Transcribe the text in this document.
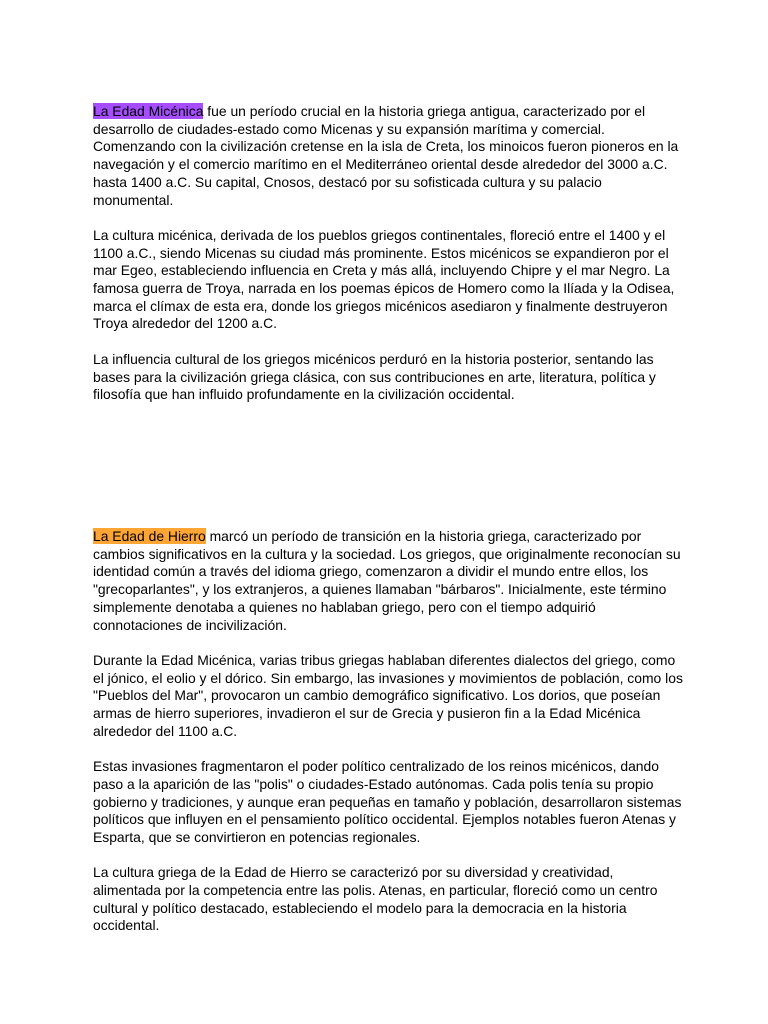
La Edad Micénica fue un período crucial en la historia griega antigua, caracterizado por el desarrollo de ciudades-estado como Micenas y su expansión marítima y comercial. Comenzando con la civilización cretense en la isla de Creta, los minoicos fueron pioneros en la navegación y el comercio marítimo en el Mediterráneo oriental desde alrededor del 3000 a.C. hasta 1400 a.C. Su capital, Cnosos, destacó por su sofisticada cultura y su palacio monumental.

La cultura micénica, derivada de los pueblos griegos continentales, floreció entre el 1400 y el 1100 a.C., siendo Micenas su ciudad más prominente. Estos micénicos se expandieron por el mar Egeo, estableciendo influencia en Creta y más allá, incluyendo Chipre y el mar Negro. La famosa guerra de Troya, narrada en los poemas épicos de Homero como la Ilíada y la Odisea, marca el clímax de esta era, donde los griegos micénicos asediaron y finalmente destruyeron Troya alrededor del 1200 a.C.

La influencia cultural de los griegos micénicos perduró en la historia posterior, sentando las bases para la civilización griega clásica, con sus contribuciones en arte, literatura, política y filosofía que han influido profundamente en la civilización occidental.

La Edad de Hierro marcó un período de transición en la historia griega, caracterizado por cambios significativos en la cultura y la sociedad. Los griegos, que originalmente reconocían su identidad común a través del idioma griego, comenzaron a dividir el mundo entre ellos, los "grecoparlantes", y los extranjeros, a quienes llamaban "bárbaros". Inicialmente, este término simplemente denotaba a quienes no hablaban griego, pero con el tiempo adquirió connotaciones de incivilización.

Durante la Edad Micénica, varias tribus griegas hablaban diferentes dialectos del griego, como el jónico, el eolio y el dórico. Sin embargo, las invasiones y movimientos de población, como los "Pueblos del Mar", provocaron un cambio demográfico significativo. Los dorios, que poseían armas de hierro superiores, invadieron el sur de Grecia y pusieron fin a la Edad Micénica alrededor del 1100 a.C.

Estas invasiones fragmentaron el poder político centralizado de los reinos micénicos, dando paso a la aparición de las "polis" o ciudades-Estado autónomas. Cada polis tenía su propio gobierno y tradiciones, y aunque eran pequeñas en tamaño y población, desarrollaron sistemas políticos que influyen en el pensamiento político occidental. Ejemplos notables fueron Atenas y Esparta, que se convirtieron en potencias regionales.

La cultura griega de la Edad de Hierro se caracterizó por su diversidad y creatividad, alimentada por la competencia entre las polis. Atenas, en particular, floreció como un centro cultural y político destacado, estableciendo el modelo para la democracia en la historia occidental.
